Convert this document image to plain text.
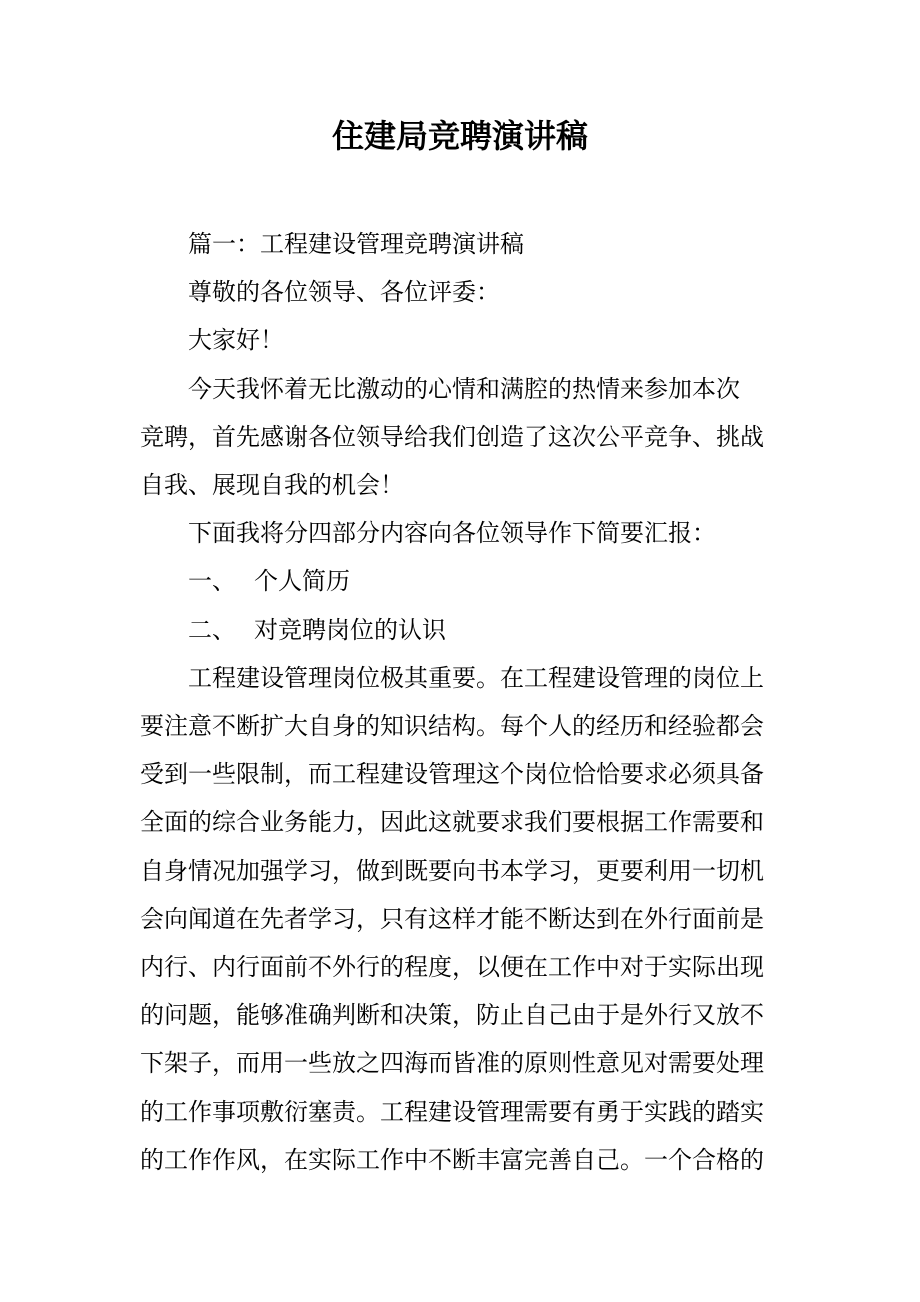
住建局竞聘演讲稿

篇一：工程建设管理竞聘演讲稿

尊敬的各位领导、各位评委：

大家好！

今天我怀着无比激动的心情和满腔的热情来参加本次
竞聘，首先感谢各位领导给我们创造了这次公平竞争、挑战
自我、展现自我的机会！

下面我将分四部分内容向各位领导作下简要汇报：

一、 个人简历

二、 对竞聘岗位的认识

工程建设管理岗位极其重要。在工程建设管理的岗位上
要注意不断扩大自身的知识结构。每个人的经历和经验都会
受到一些限制，而工程建设管理这个岗位恰恰要求必须具备
全面的综合业务能力，因此这就要求我们要根据工作需要和
自身情况加强学习，做到既要向书本学习，更要利用一切机
会向闻道在先者学习，只有这样才能不断达到在外行面前是
内行、内行面前不外行的程度，以便在工作中对于实际出现
的问题，能够准确判断和决策，防止自己由于是外行又放不
下架子，而用一些放之四海而皆准的原则性意见对需要处理
的工作事项敷衍塞责。工程建设管理需要有勇于实践的踏实
的工作作风，在实际工作中不断丰富完善自己。一个合格的
